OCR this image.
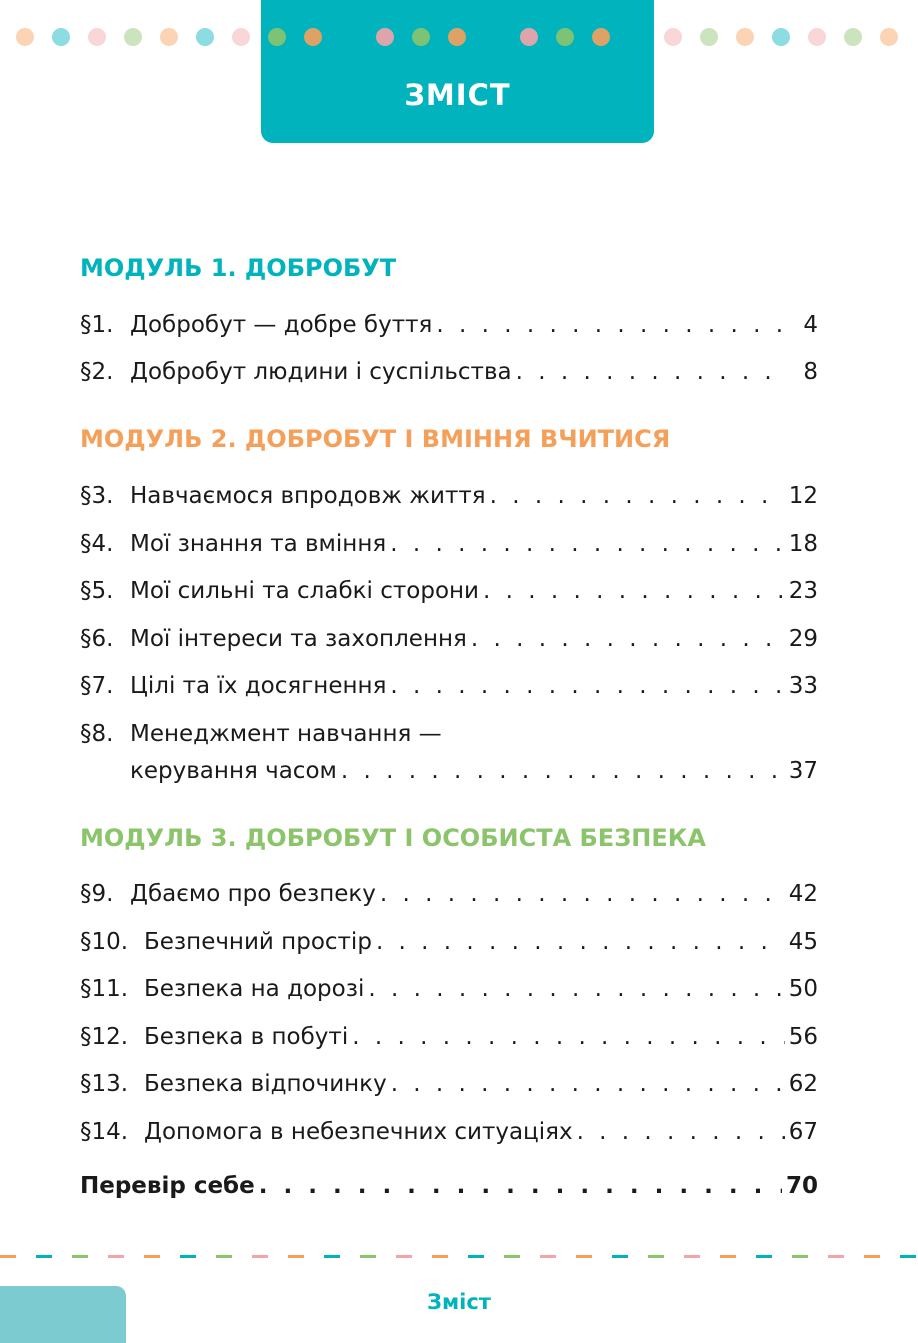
ЗМІСТ
МОДУЛЬ 1. ДОБРОБУТ
§1. Добробут — добре буття . . .	4
§2. Добробут людини і суспільства . . .	8
МОДУЛЬ 2. ДОБРОБУТ І ВМІННЯ ВЧИТИСЯ
§3. Навчаємося впродовж життя . . .	12
§4. Мої знання та вміння . . .	18
§5. Мої сильні та слабкі сторони . . .	23
§6. Мої інтереси та захоплення . . .	29
§7. Цілі та їх досягнення . . .	33
§8. Менеджмент навчання —
керування часом . . .	37
МОДУЛЬ 3. ДОБРОБУТ І ОСОБИСТА БЕЗПЕКА
§9. Дбаємо про безпеку . . .	42
§10. Безпечний простір . . .	45
§11. Безпека на дорозі . . .	50
§12. Безпека в побуті . . .	56
§13. Безпека відпочинку . . .	62
§14. Допомога в небезпечних ситуаціях . . .	67
Перевір себе . . .	70
Зміст
